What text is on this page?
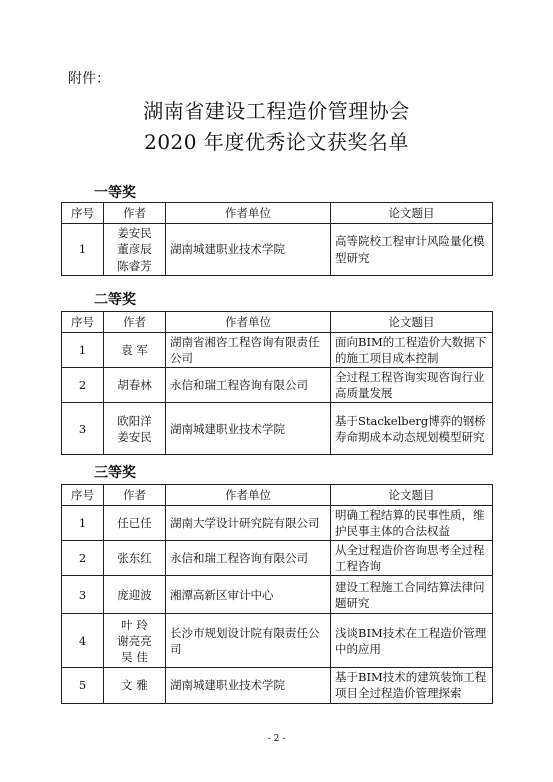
附件：
湖南省建设工程造价管理协会
2020 年度优秀论文获奖名单
一等奖
序号	作者	作者单位	论文题目
1	姜安民
董彦辰
陈睿芳	湖南城建职业技术学院	高等院校工程审计风险量化模型研究
二等奖
序号	作者	作者单位	论文题目
1	袁 军	湖南省湘咨工程咨询有限责任公司	面向BIM的工程造价大数据下的施工项目成本控制
2	胡春林	永信和瑞工程咨询有限公司	全过程工程咨询实现咨询行业高质量发展
3	欧阳洋
姜安民	湖南城建职业技术学院	基于Stackelberg博弈的钢桥寿命期成本动态规划模型研究
三等奖
序号	作者	作者单位	论文题目
1	任已任	湖南大学设计研究院有限公司	明确工程结算的民事性质，维护民事主体的合法权益
2	张东红	永信和瑞工程咨询有限公司	从全过程造价咨询思考全过程工程咨询
3	庞迎波	湘潭高新区审计中心	建设工程施工合同结算法律问题研究
4	叶 玲
谢亮亮
吴 佳	长沙市规划设计院有限责任公司	浅谈BIM技术在工程造价管理中的应用
5	文 雅	湖南城建职业技术学院	基于BIM技术的建筑装饰工程项目全过程造价管理探索
- 2 -
